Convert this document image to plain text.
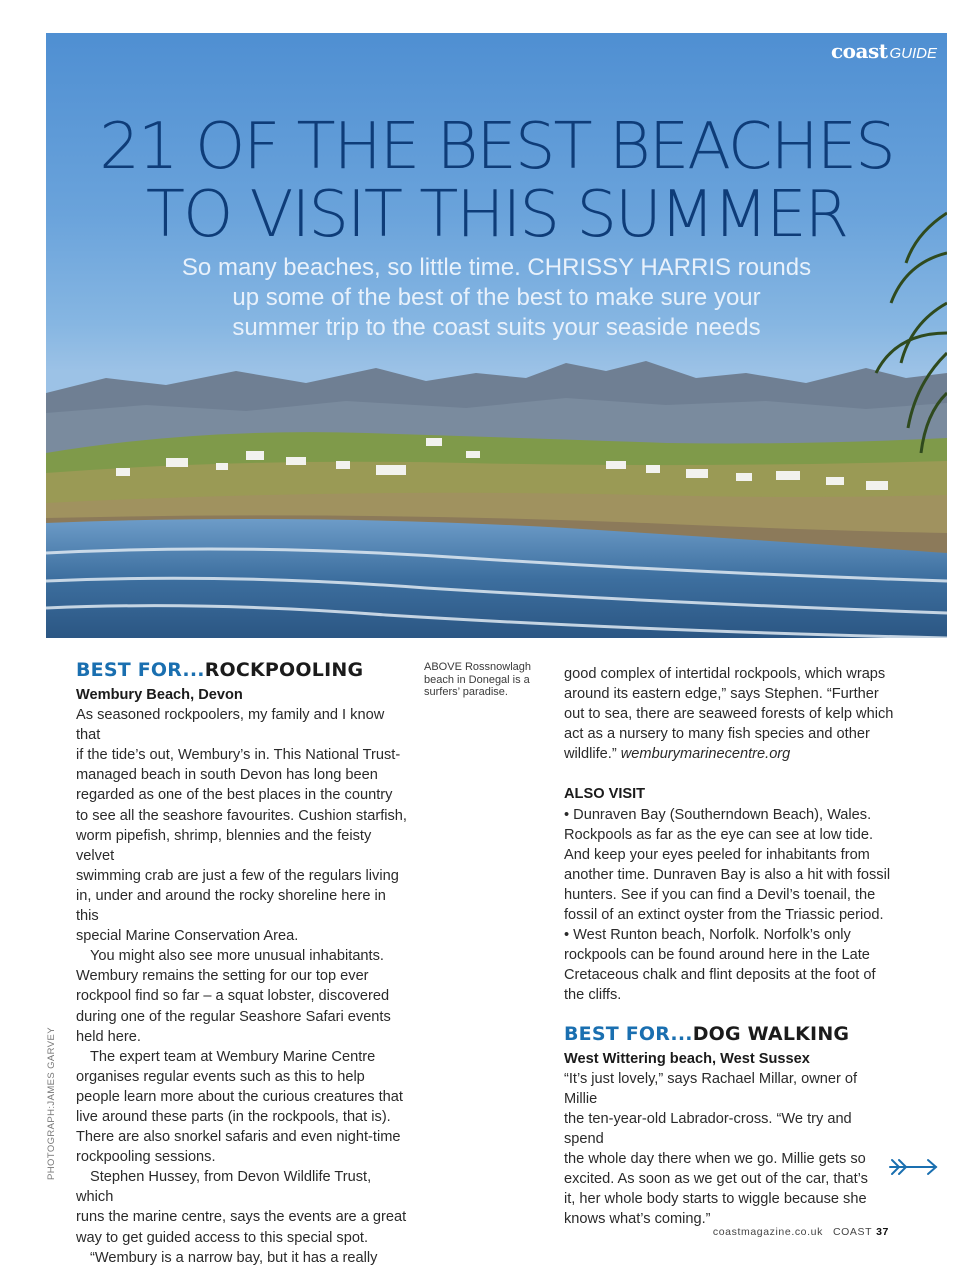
coast GUIDE
21 OF THE BEST BEACHES
TO VISIT THIS SUMMER
So many beaches, so little time. CHRISSY HARRIS rounds
up some of the best of the best to make sure your
summer trip to the coast suits your seaside needs
BEST FOR...ROCKPOOLING

Wembury Beach, Devon

As seasoned rockpoolers, my family and I know that
if the tide’s out, Wembury’s in. This National Trust-
managed beach in south Devon has long been
regarded as one of the best places in the country
to see all the seashore favourites. Cushion starfish,
worm pipefish, shrimp, blennies and the feisty velvet
swimming crab are just a few of the regulars living
in, under and around the rocky shoreline here in this
special Marine Conservation Area.

You might also see more unusual inhabitants.
Wembury remains the setting for our top ever
rockpool find so far – a squat lobster, discovered
during one of the regular Seashore Safari events
held here.

The expert team at Wembury Marine Centre
organises regular events such as this to help
people learn more about the curious creatures that
live around these parts (in the rockpools, that is).
There are also snorkel safaris and even night-time
rockpooling sessions.

Stephen Hussey, from Devon Wildlife Trust, which
runs the marine centre, says the events are a great
way to get guided access to this special spot.

“Wembury is a narrow bay, but it has a really

ABOVE Rossnowlagh beach in Donegal is a surfers’ paradise.

good complex of intertidal rockpools, which wraps
around its eastern edge,” says Stephen. “Further
out to sea, there are seaweed forests of kelp which
act as a nursery to many fish species and other
wildlife.” wemburymarinecentre.org

ALSO VISIT

• Dunraven Bay (Southerndown Beach), Wales.
Rockpools as far as the eye can see at low tide.
And keep your eyes peeled for inhabitants from
another time. Dunraven Bay is also a hit with fossil
hunters. See if you can find a Devil’s toenail, the
fossil of an extinct oyster from the Triassic period.

• West Runton beach, Norfolk. Norfolk’s only
rockpools can be found around here in the Late
Cretaceous chalk and flint deposits at the foot of
the cliffs.

BEST FOR...DOG WALKING

West Wittering beach, West Sussex

“It’s just lovely,” says Rachael Millar, owner of Millie
the ten-year-old Labrador-cross. “We try and spend
the whole day there when we go. Millie gets so
excited. As soon as we get out of the car, that’s
it, her whole body starts to wiggle because she
knows what’s coming.”

PHOTOGRAPH:JAMES GARVEY
coastmagazine.co.uk COAST 37
